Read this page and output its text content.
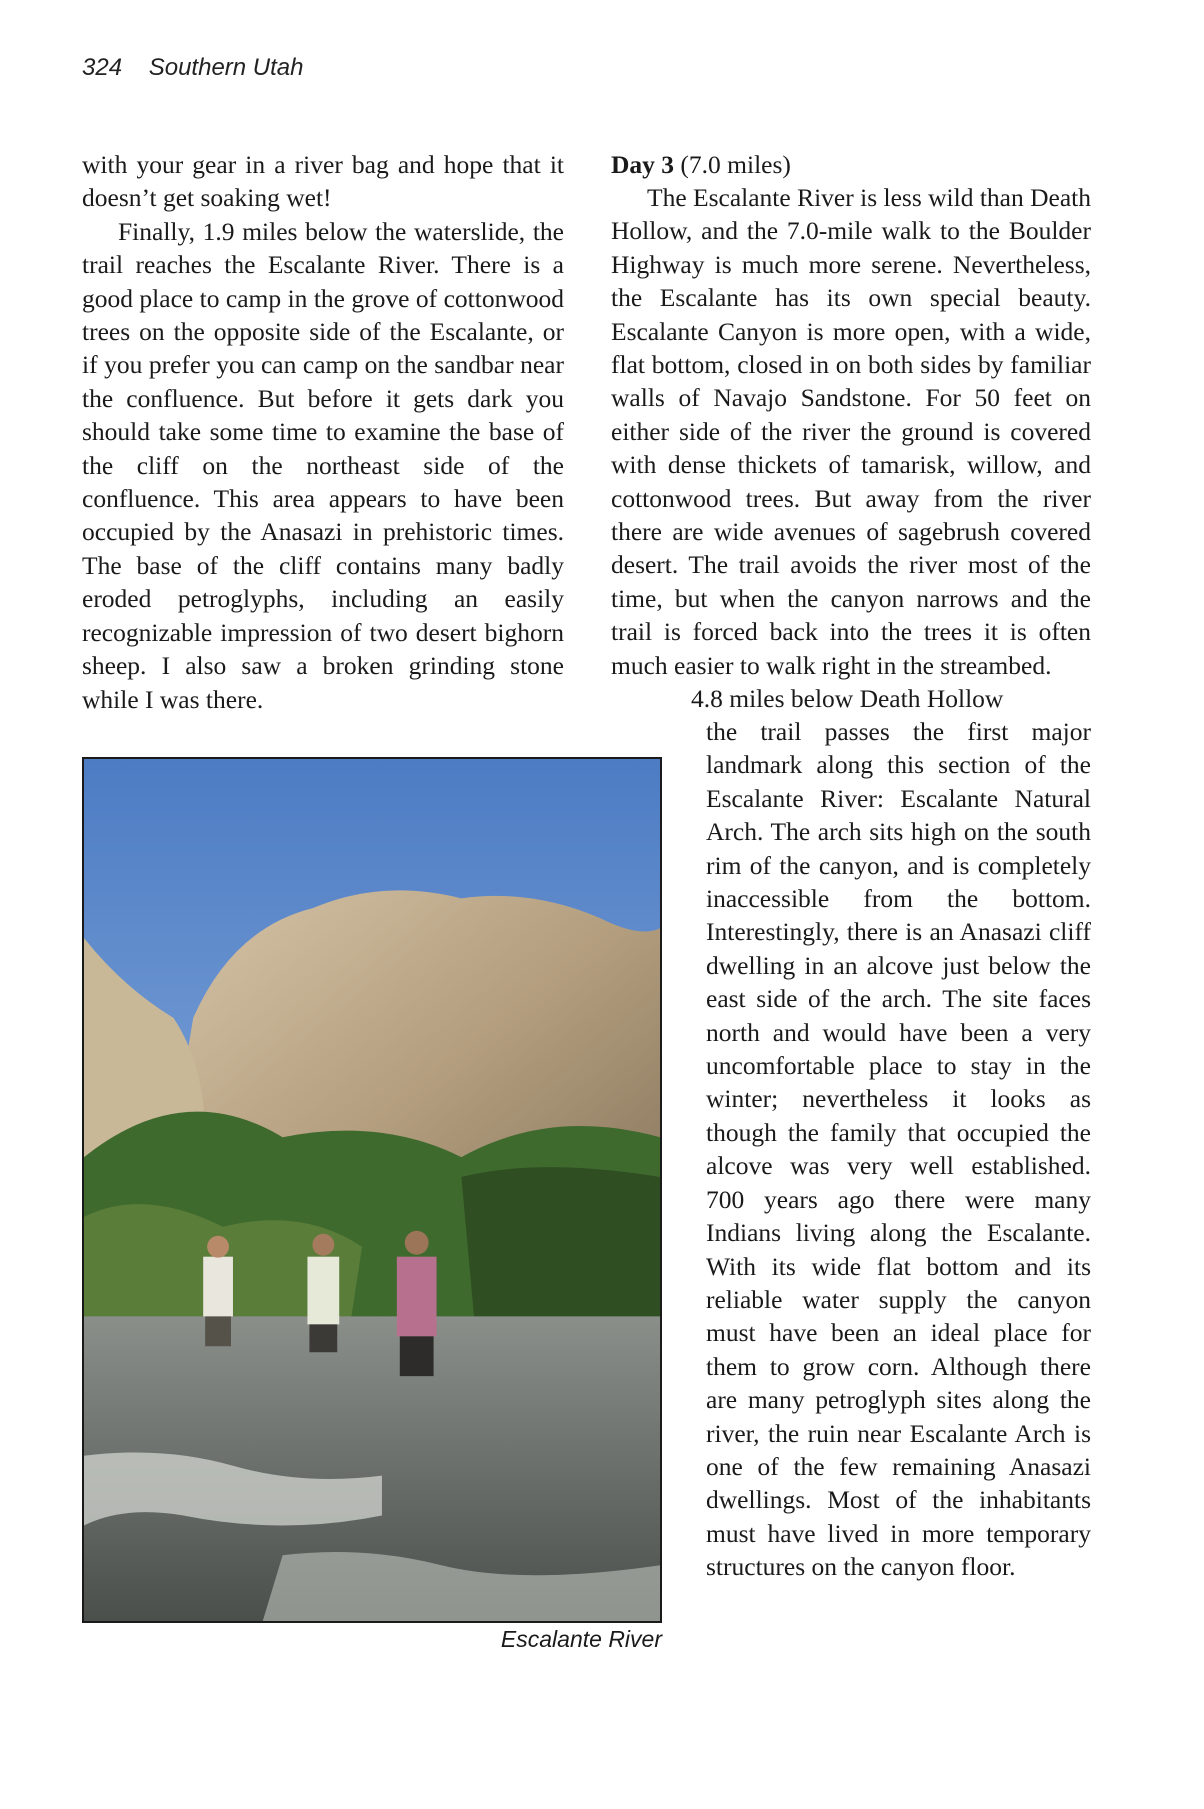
324 Southern Utah

with your gear in a river bag and hope that it doesn’t get soaking wet!

Finally, 1.9 miles below the waterslide, the trail reaches the Escalante River. There is a good place to camp in the grove of cottonwood trees on the opposite side of the Escalante, or if you prefer you can camp on the sandbar near the confluence. But before it gets dark you should take some time to examine the base of the cliff on the northeast side of the confluence. This area appears to have been occupied by the Anasazi in prehistoric times. The base of the cliff contains many badly eroded petroglyphs, including an easily recognizable impression of two desert bighorn sheep. I also saw a broken grinding stone while I was there.

Day 3 (7.0 miles)

The Escalante River is less wild than Death Hollow, and the 7.0-mile walk to the Boulder Highway is much more serene. Nevertheless, the Escalante has its own special beauty. Escalante Canyon is more open, with a wide, flat bottom, closed in on both sides by familiar walls of Navajo Sandstone. For 50 feet on either side of the river the ground is covered with dense thickets of tamarisk, willow, and cottonwood trees. But away from the river there are wide avenues of sagebrush covered desert. The trail avoids the river most of the time, but when the canyon narrows and the trail is forced back into the trees it is often much easier to walk right in the streambed.
4.8 miles below Death Hollow

the trail passes the first major landmark along this section of the Escalante River: Escalante Natural Arch. The arch sits high on the south rim of the canyon, and is completely inaccessible from the bottom. Interestingly, there is an Anasazi cliff dwelling in an alcove just below the east side of the arch. The site faces north and would have been a very uncomfortable place to stay in the winter; nevertheless it looks as though the family that occupied the alcove was very well established. 700 years ago there were many Indians living along the Escalante. With its wide flat bottom and its reliable water supply the canyon must have been an ideal place for them to grow corn. Although there are many petroglyph sites along the river, the ruin near Escalante Arch is one of the few remaining Anasazi dwellings. Most of the inhabitants must have lived in more temporary structures on the canyon floor.

Escalante River
